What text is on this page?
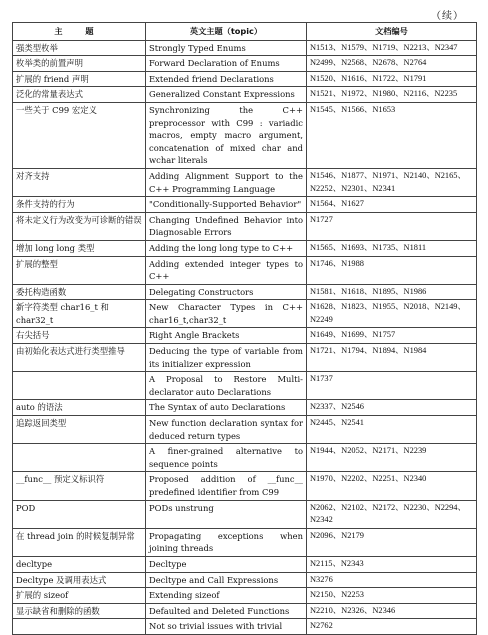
（续）
主 题	英文主题（topic）	文档编号
强类型枚举	Strongly Typed Enums	N1513、N1579、N1719、N2213、N2347
枚举类的前置声明	Forward Declaration of Enums	N2499、N2568、N2678、N2764
扩展的 friend 声明	Extended friend Declarations	N1520、N1616、N1722、N1791
泛化的常量表达式	Generalized Constant Expressions	N1521、N1972、N1980、N2116、N2235
一些关于 C99 宏定义	Synchronizing the C++ preprocessor with C99 : variadic macros, empty macro argument, concatenation of mixed char and wchar literals	N1545、N1566、N1653
对齐支持	Adding Alignment Support to the C++ Programming Language	N1546、N1877、N1971、N2140、N2165、N2252、N2301、N2341
条件支持的行为	"Conditionally-Supported Behavior"	N1564、N1627
将未定义行为改变为可诊断的错误	Changing Undefined Behavior into Diagnosable Errors	N1727
增加 long long 类型	Adding the long long type to C++	N1565、N1693、N1735、N1811
扩展的整型	Adding extended integer types to C++	N1746、N1988
委托构造函数	Delegating Constructors	N1581、N1618、N1895、N1986
新字符类型 char16_t 和 char32_t	New Character Types in C++ char16_t,char32_t	N1628、N1823、N1955、N2018、N2149、N2249
右尖括号	Right Angle Brackets	N1649、N1699、N1757
由初始化表达式进行类型推导	Deducing the type of variable from its initializer expression	N1721、N1794、N1894、N1984
	A Proposal to Restore Multi-declarator auto Declarations	N1737
auto 的语法	The Syntax of auto Declarations	N2337、N2546
追踪返回类型	New function declaration syntax for deduced return types	N2445、N2541
	A finer-grained alternative to sequence points	N1944、N2052、N2171、N2239
__func__ 预定义标识符	Proposed addition of __func__ predefined identifier from C99	N1970、N2202、N2251、N2340
POD	PODs unstrung	N2062、N2102、N2172、N2230、N2294、N2342
在 thread join 的时候复制异常	Propagating exceptions when joining threads	N2096、N2179
decltype	Decltype	N2115、N2343
Decltype 及调用表达式	Decltype and Call Expressions	N3276
扩展的 sizeof	Extending sizeof	N2150、N2253
显示缺省和删除的函数	Defaulted and Deleted Functions	N2210、N2326、N2346
	Not so trivial issues with trivial	N2762
